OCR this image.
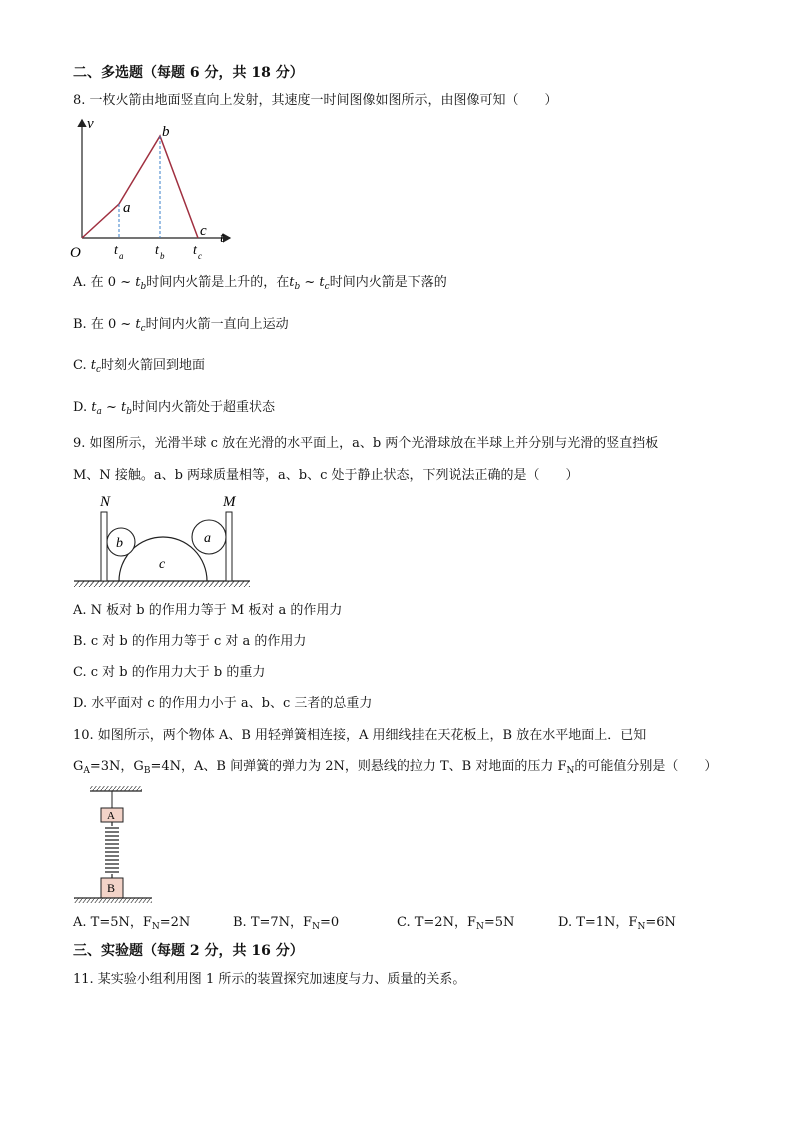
二、多选题（每题 6 分，共 18 分）
8. 一枚火箭由地面竖直向上发射，其速度一时间图像如图所示，由图像可知（　　）
v
t
O
a
b
c
t a t b t c
A. 在 0 ~ $t_b$时间内火箭是上升的，在$t_b$ ~ $t_c$时间内火箭是下落的
B. 在 0 ~ $t_c$时间内火箭一直向上运动
C. $t_c$时刻火箭回到地面
D. $t_a$ ~ $t_b$时间内火箭处于超重状态
9. 如图所示，光滑半球 c 放在光滑的水平面上，a、b 两个光滑球放在半球上并分别与光滑的竖直挡板
M、N 接触。a、b 两球质量相等，a、b、c 处于静止状态，下列说法正确的是（　　）
N	M
b	a
c
A. N 板对 b 的作用力等于 M 板对 a 的作用力
B. c 对 b 的作用力等于 c 对 a 的作用力
C. c 对 b 的作用力大于 b 的重力
D. 水平面对 c 的作用力小于 a、b、c 三者的总重力
10. 如图所示，两个物体 A、B 用轻弹簧相连接，A 用细线挂在天花板上，B 放在水平地面上．已知
$G_A=3N$，$G_B=4N$，A、B 间弹簧的弹力为 2N，则悬线的拉力 T、B 对地面的压力 $F_N$的可能值分别是（　　）
A
B
A. T=5N，$F_N=2N$	B. T=7N，$F_N=0$	C. T=2N，$F_N=5N$	D. T=1N，$F_N=6N$
三、实验题（每题 2 分，共 16 分）
11. 某实验小组利用图 1 所示的装置探究加速度与力、质量的关系。
